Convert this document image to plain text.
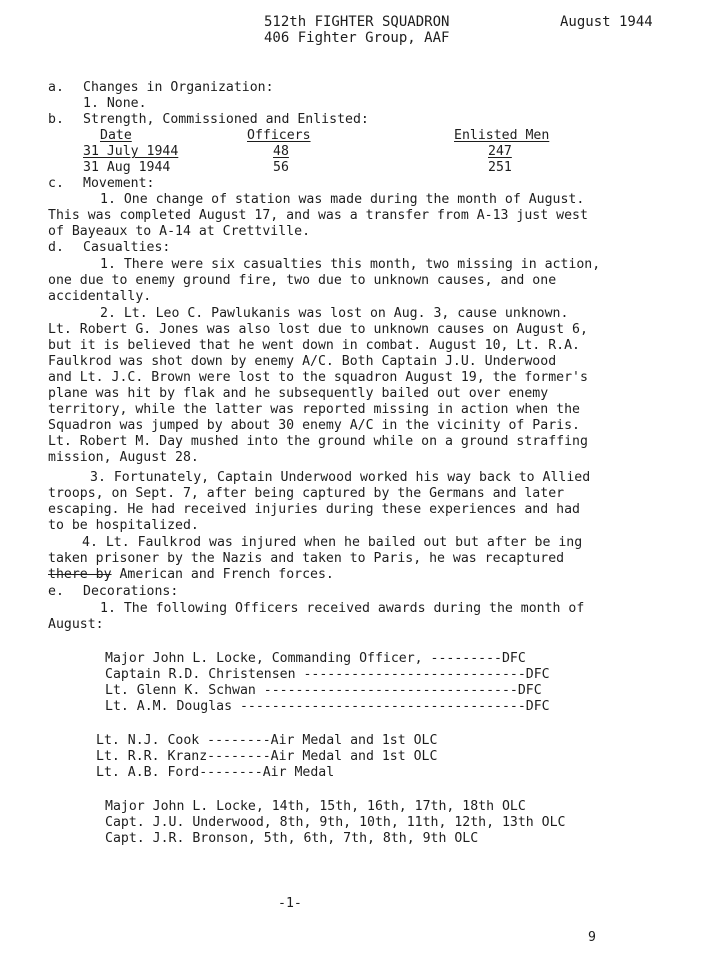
512th FIGHTER SQUADRON
406 Fighter Group, AAF
August 1944
a. Changes in Organization:
1. None.
b. Strength, Commissioned and Enlisted:
Date	Officers	Enlisted Men
31 July 1944	48	247
31 Aug 1944	56	251
c. Movement:
1. One change of station was made during the month of August.
This was completed August 17, and was a transfer from A-13 just west
of Bayeaux to A-14 at Crettville.
d. Casualties:
1. There were six casualties this month, two missing in action,
one due to enemy ground fire, two due to unknown causes, and one
accidentally.
2. Lt. Leo C. Pawlukanis was lost on Aug. 3, cause unknown.
Lt. Robert G. Jones was also lost due to unknown causes on August 6,
but it is believed that he went down in combat. August 10, Lt. R.A.
Faulkrod was shot down by enemy A/C. Both Captain J.U. Underwood
and Lt. J.C. Brown were lost to the squadron August 19, the former's
plane was hit by flak and he subsequently bailed out over enemy
territory, while the latter was reported missing in action when the
Squadron was jumped by about 30 enemy A/C in the vicinity of Paris.
Lt. Robert M. Day mushed into the ground while on a ground straffing
mission, August 28.
3. Fortunately, Captain Underwood worked his way back to Allied
troops, on Sept. 7, after being captured by the Germans and later
escaping. He had received injuries during these experiences and had
to be hospitalized.
4. Lt. Faulkrod was injured when he bailed out but after be ing
taken prisoner by the Nazis and taken to Paris, he was recaptured
there by American and French forces.
e. Decorations:
1. The following Officers received awards during the month of
August:
Major John L. Locke, Commanding Officer, ---------DFC
Captain R.D. Christensen ----------------------------DFC
Lt. Glenn K. Schwan --------------------------------DFC
Lt. A.M. Douglas ------------------------------------DFC
Lt. N.J. Cook --------Air Medal and 1st OLC
Lt. R.R. Kranz--------Air Medal and 1st OLC
Lt. A.B. Ford--------Air Medal
Major John L. Locke, 14th, 15th, 16th, 17th, 18th OLC
Capt. J.U. Underwood, 8th, 9th, 10th, 11th, 12th, 13th OLC
Capt. J.R. Bronson, 5th, 6th, 7th, 8th, 9th OLC
-1-
9
